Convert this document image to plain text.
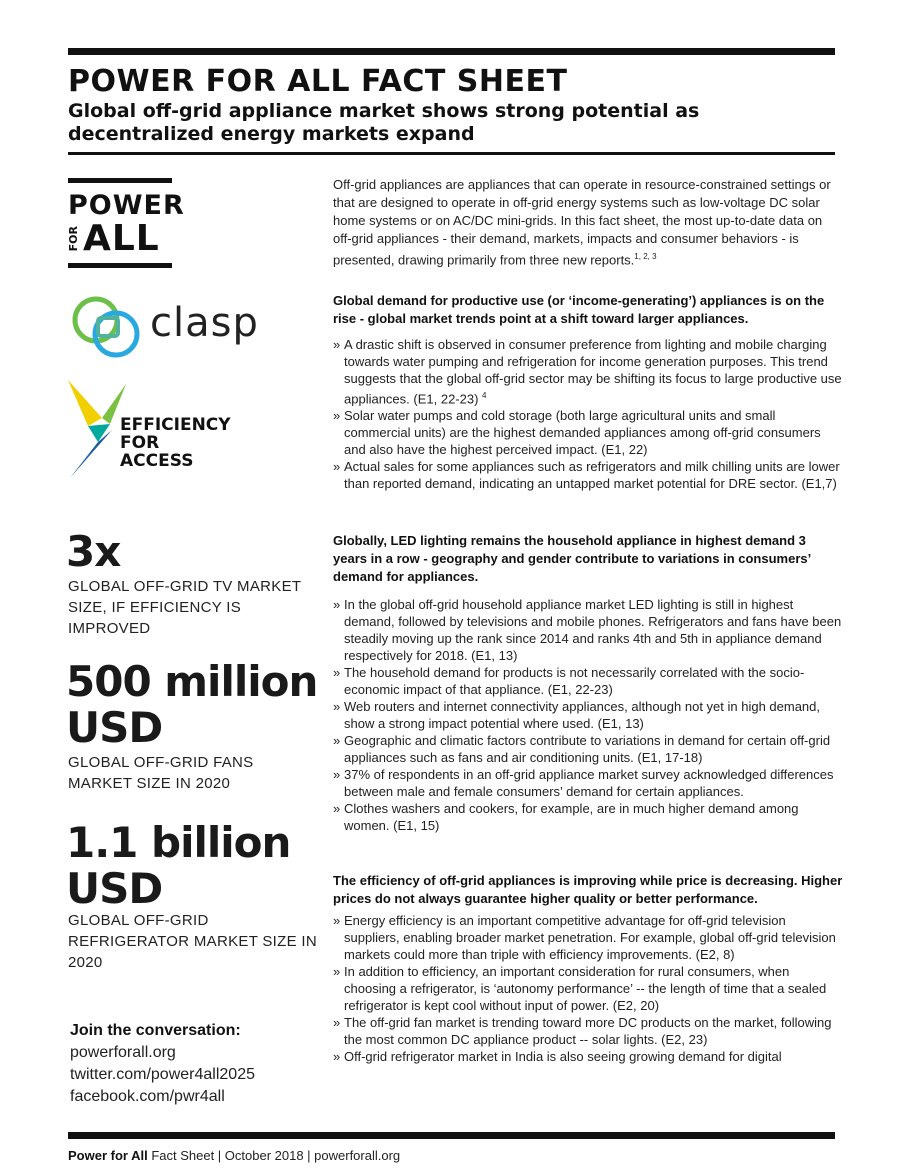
POWER FOR ALL FACT SHEET
Global off-grid appliance market shows strong potential as decentralized energy markets expand
POWER
FOR ALL
clasp
EFFICIENCY
FOR
ACCESS
3x
GLOBAL OFF-GRID TV MARKET SIZE, IF EFFICIENCY IS IMPROVED
500 million
USD
GLOBAL OFF-GRID FANS MARKET SIZE IN 2020
1.1 billion
USD
GLOBAL OFF-GRID REFRIGERATOR MARKET SIZE IN 2020
Join the conversation:
powerforall.org
twitter.com/power4all2025
facebook.com/pwr4all
Off-grid appliances are appliances that can operate in resource-constrained settings or that are designed to operate in off-grid energy systems such as low-voltage DC solar home systems or on AC/DC mini-grids. In this fact sheet, the most up-to-date data on off-grid appliances - their demand, markets, impacts and consumer behaviors - is presented, drawing primarily from three new reports.$^{1, 2, 3}$
Global demand for productive use (or ‘income-generating’) appliances is on the rise - global market trends point at a shift toward larger appliances.
» A drastic shift is observed in consumer preference from lighting and mobile charging towards water pumping and refrigeration for income generation purposes. This trend suggests that the global off-grid sector may be shifting its focus to large productive use appliances. (E1, 22-23) $^4$
» Solar water pumps and cold storage (both large agricultural units and small commercial units) are the highest demanded appliances among off-grid consumers and also have the highest perceived impact. (E1, 22)
» Actual sales for some appliances such as refrigerators and milk chilling units are lower than reported demand, indicating an untapped market potential for DRE sector. (E1,7)
Globally, LED lighting remains the household appliance in highest demand 3 years in a row - geography and gender contribute to variations in consumers’ demand for appliances.
» In the global off-grid household appliance market LED lighting is still in highest demand, followed by televisions and mobile phones. Refrigerators and fans have been steadily moving up the rank since 2014 and ranks 4th and 5th in appliance demand respectively for 2018. (E1, 13)
» The household demand for products is not necessarily correlated with the socio-economic impact of that appliance. (E1, 22-23)
» Web routers and internet connectivity appliances, although not yet in high demand, show a strong impact potential where used. (E1, 13)
» Geographic and climatic factors contribute to variations in demand for certain off-grid appliances such as fans and air conditioning units. (E1, 17-18)
» 37% of respondents in an off-grid appliance market survey acknowledged differences between male and female consumers’ demand for certain appliances.
» Clothes washers and cookers, for example, are in much higher demand among women. (E1, 15)
The efficiency of off-grid appliances is improving while price is decreasing. Higher prices do not always guarantee higher quality or better performance.
» Energy efficiency is an important competitive advantage for off-grid television suppliers, enabling broader market penetration. For example, global off-grid television markets could more than triple with efficiency improvements. (E2, 8)
» In addition to efficiency, an important consideration for rural consumers, when choosing a refrigerator, is ‘autonomy performance’ -- the length of time that a sealed refrigerator is kept cool without input of power. (E2, 20)
» The off-grid fan market is trending toward more DC products on the market, following the most common DC appliance product -- solar lights. (E2, 23)
» Off-grid refrigerator market in India is also seeing growing demand for digital
Power for All Fact Sheet | October 2018 | powerforall.org
